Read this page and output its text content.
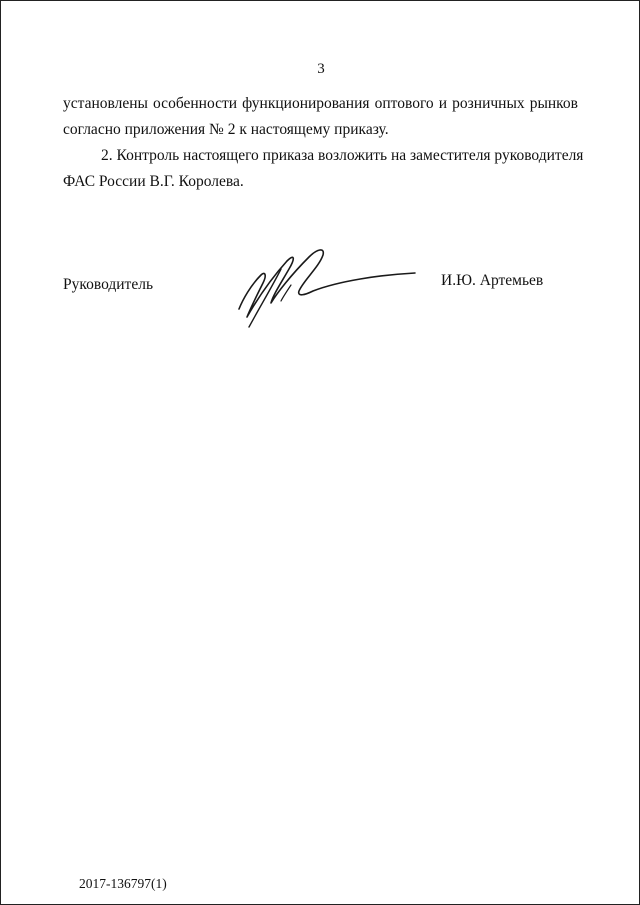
3
установлены особенности функционирования оптового и розничных рынков
согласно приложения № 2 к настоящему приказу.
2. Контроль настоящего приказа возложить на заместителя руководителя
ФАС России В.Г. Королева.
Руководитель	И.Ю. Артемьев
2017-136797(1)
